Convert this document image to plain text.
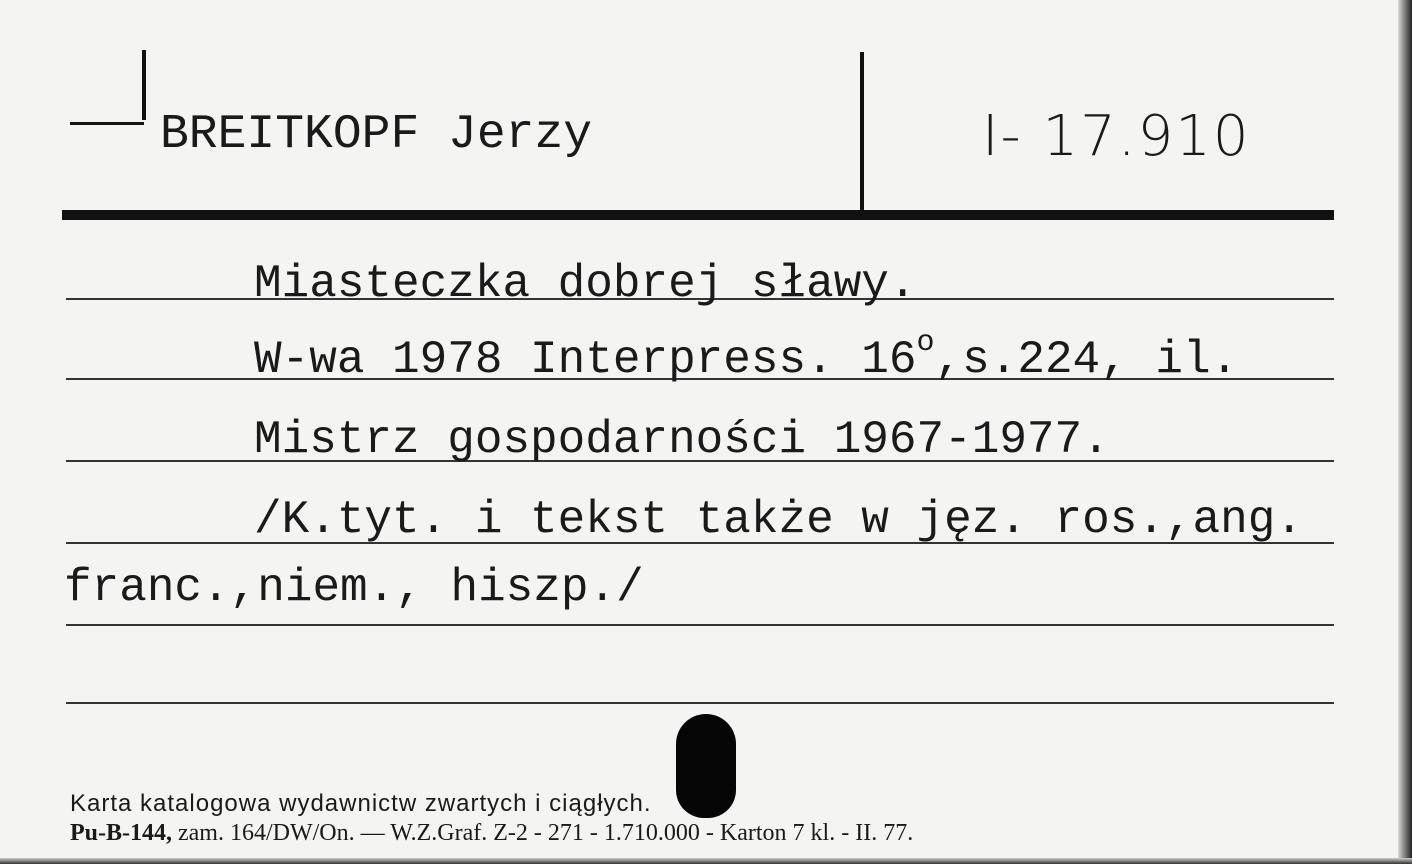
BREITKOPF Jerzy	I- 17.910
Miasteczka dobrej sławy.
W-wa 1978 Interpress. 16$^o$,s.224, il.
Mistrz gospodarności 1967-1977.
/K.tyt. i tekst także w jęz. ros.,ang.
franc.,niem., hiszp./
Karta katalogowa wydawnictw zwartych i ciągłych.
Pu-B-144, zam. 164/DW/On. — W.Z.Graf. Z-2 - 271 - 1.710.000 - Karton 7 kl. - II. 77.
